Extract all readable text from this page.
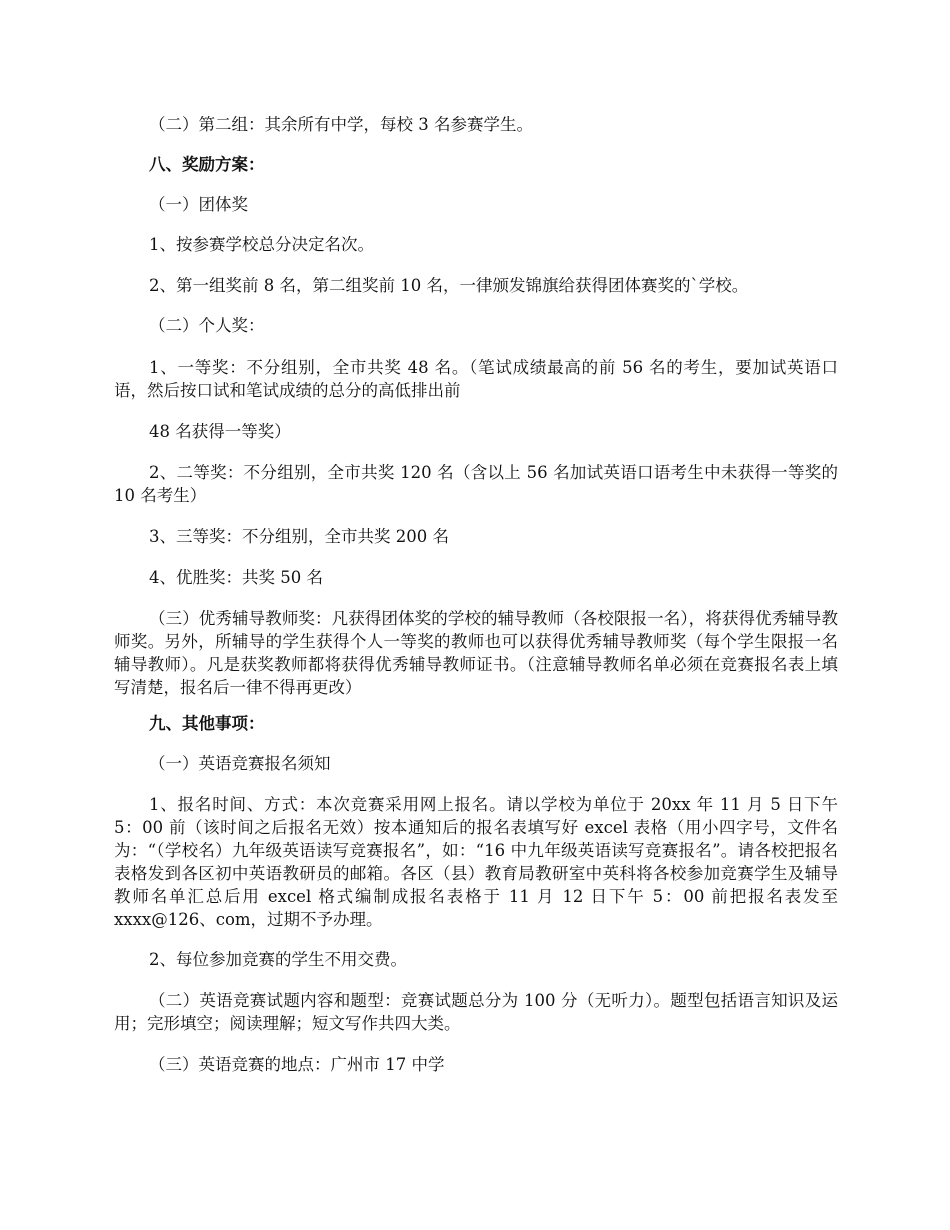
（二）第二组：其余所有中学，每校 3 名参赛学生。

八、奖励方案：

（一）团体奖

1、按参赛学校总分决定名次。

2、第一组奖前 8 名，第二组奖前 10 名，一律颁发锦旗给获得团体赛奖的`学校。

（二）个人奖：

1、一等奖：不分组别，全市共奖 48 名。（笔试成绩最高的前 56 名的考生，要加试英语口语，然后按口试和笔试成绩的总分的高低排出前

48 名获得一等奖）

2、二等奖：不分组别，全市共奖 120 名（含以上 56 名加试英语口语考生中未获得一等奖的 10 名考生）

3、三等奖：不分组别，全市共奖 200 名

4、优胜奖：共奖 50 名

（三）优秀辅导教师奖：凡获得团体奖的学校的辅导教师（各校限报一名），将获得优秀辅导教师奖。另外，所辅导的学生获得个人一等奖的教师也可以获得优秀辅导教师奖（每个学生限报一名辅导教师）。凡是获奖教师都将获得优秀辅导教师证书。（注意辅导教师名单必须在竞赛报名表上填写清楚，报名后一律不得再更改）

九、其他事项：

（一）英语竞赛报名须知

1、报名时间、方式：本次竞赛采用网上报名。请以学校为单位于 20xx 年 11 月 5 日下午 5：00 前（该时间之后报名无效）按本通知后的报名表填写好 excel 表格（用小四字号，文件名为：“（学校名）九年级英语读写竞赛报名”，如：“16 中九年级英语读写竞赛报名”。请各校把报名表格发到各区初中英语教研员的邮箱。各区（县）教育局教研室中英科将各校参加竞赛学生及辅导教师名单汇总后用 excel 格式编制成报名表格于 11 月 12 日下午 5：00 前把报名表发至 xxxx@126、com，过期不予办理。

2、每位参加竞赛的学生不用交费。

（二）英语竞赛试题内容和题型：竞赛试题总分为 100 分（无听力）。题型包括语言知识及运用；完形填空；阅读理解；短文写作共四大类。

（三）英语竞赛的地点：广州市 17 中学
